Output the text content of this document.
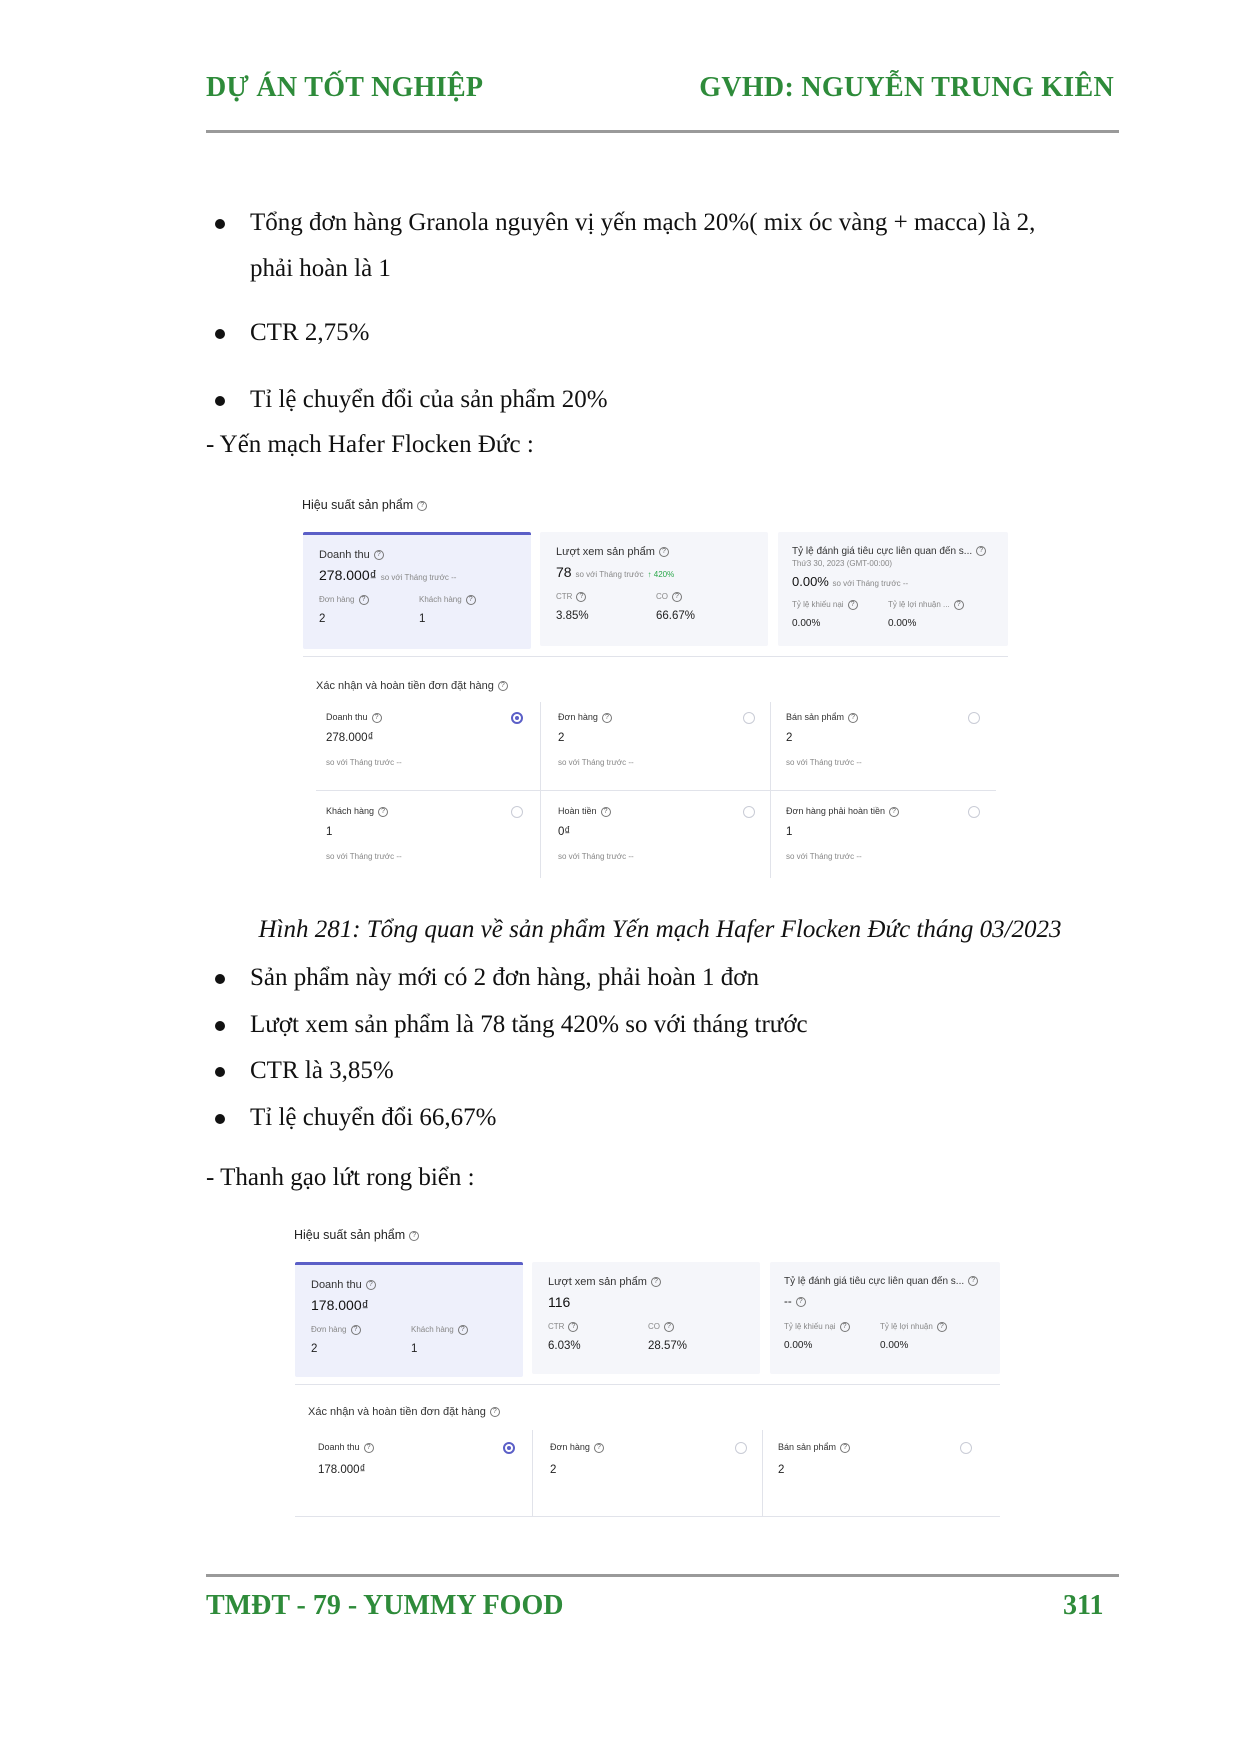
DỰ ÁN TỐT NGHIỆP	GVHD: NGUYỄN TRUNG KIÊN
Tổng đơn hàng Granola nguyên vị yến mạch 20%( mix óc vàng + macca) là 2,
phải hoàn là 1
CTR 2,75%
Tỉ lệ chuyển đổi của sản phẩm 20%
- Yến mạch Hafer Flocken Đức :
Hiệu suất sản phẩm ?
Doanh thu ?
278.000₫ so với Tháng trước --
Đơn hàng ?	Khách hàng ?
2	1
Lượt xem sản phẩm ?
78 so với Tháng trước ↑ 420%
CTR ?	CO ?
3.85%	66.67%
Tỷ lệ đánh giá tiêu cực liên quan đến s... ?
Thứ3 30, 2023 (GMT-00:00)
0.00% so với Tháng trước --
Tỷ lệ khiếu nại ?	Tỷ lệ lợi nhuận ... ?
0.00%	0.00%
Xác nhận và hoàn tiền đơn đặt hàng ?
Doanh thu ?
278.000₫
so với Tháng trước --
Đơn hàng ?
2
so với Tháng trước --
Bán sản phẩm ?
2
so với Tháng trước --
Khách hàng ?
1
so với Tháng trước --
Hoàn tiền ?
0₫
so với Tháng trước --
Đơn hàng phải hoàn tiền ?
1
so với Tháng trước --
Hình 281: Tổng quan về sản phẩm Yến mạch Hafer Flocken Đức tháng 03/2023
Sản phẩm này mới có 2 đơn hàng, phải hoàn 1 đơn
Lượt xem sản phẩm là 78 tăng 420% so với tháng trước
CTR là 3,85%
Tỉ lệ chuyển đổi 66,67%
- Thanh gạo lứt rong biển :
Hiệu suất sản phẩm ?
Doanh thu ?
178.000₫
Đơn hàng ?	Khách hàng ?
2	1
Lượt xem sản phẩm ?
116
CTR ?	CO ?
6.03%	28.57%
Tỷ lệ đánh giá tiêu cực liên quan đến s... ?
-- ?
Tỷ lệ khiếu nại ?	Tỷ lệ lợi nhuận ?
0.00%	0.00%
Xác nhận và hoàn tiền đơn đặt hàng ?
Doanh thu ?
178.000₫
Đơn hàng ?
2
Bán sản phẩm ?
2
TMĐT - 79 - YUMMY FOOD	311
